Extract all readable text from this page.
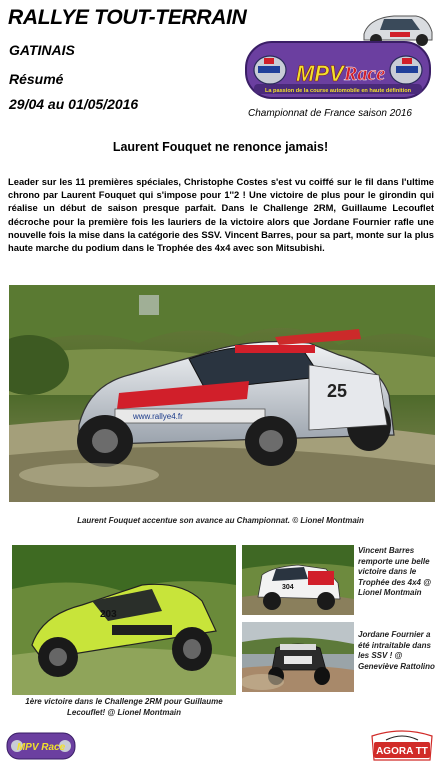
RALLYE TOUT-TERRAIN
GATINAIS
Résumé
29/04 au 01/05/2016
MPV Race
La passion de la course automobile en haute définition
Championnat de France saison 2016
Laurent Fouquet ne renonce jamais!
Leader sur les 11 premières spéciales, Christophe Costes s'est vu coiffé sur le fil dans l'ultime chrono par Laurent Fouquet qui s'impose pour 1''2 ! Une victoire de plus pour le girondin qui réalise un début de saison presque parfait. Dans le Challenge 2RM, Guillaume Lecouflet décroche pour la première fois les lauriers de la victoire alors que Jordane Fournier rafle une nouvelle fois la mise dans la catégorie des SSV. Vincent Barres, pour sa part, monte sur la plus haute marche du podium dans le Trophée des 4x4 avec son Mitsubishi.
25
www.rallye4.fr
Laurent Fouquet accentue son avance au Championnat. © Lionel Montmain
203
1ère victoire dans le Challenge 2RM pour Guillaume Lecouflet! @ Lionel Montmain
304
Vincent Barres remporte une belle victoire dans le Trophée des 4x4 @ Lionel Montmain
Jordane Fournier a été intraitable dans les SSV ! @ Geneviève Rattolino
MPV Race	AGORA TT
